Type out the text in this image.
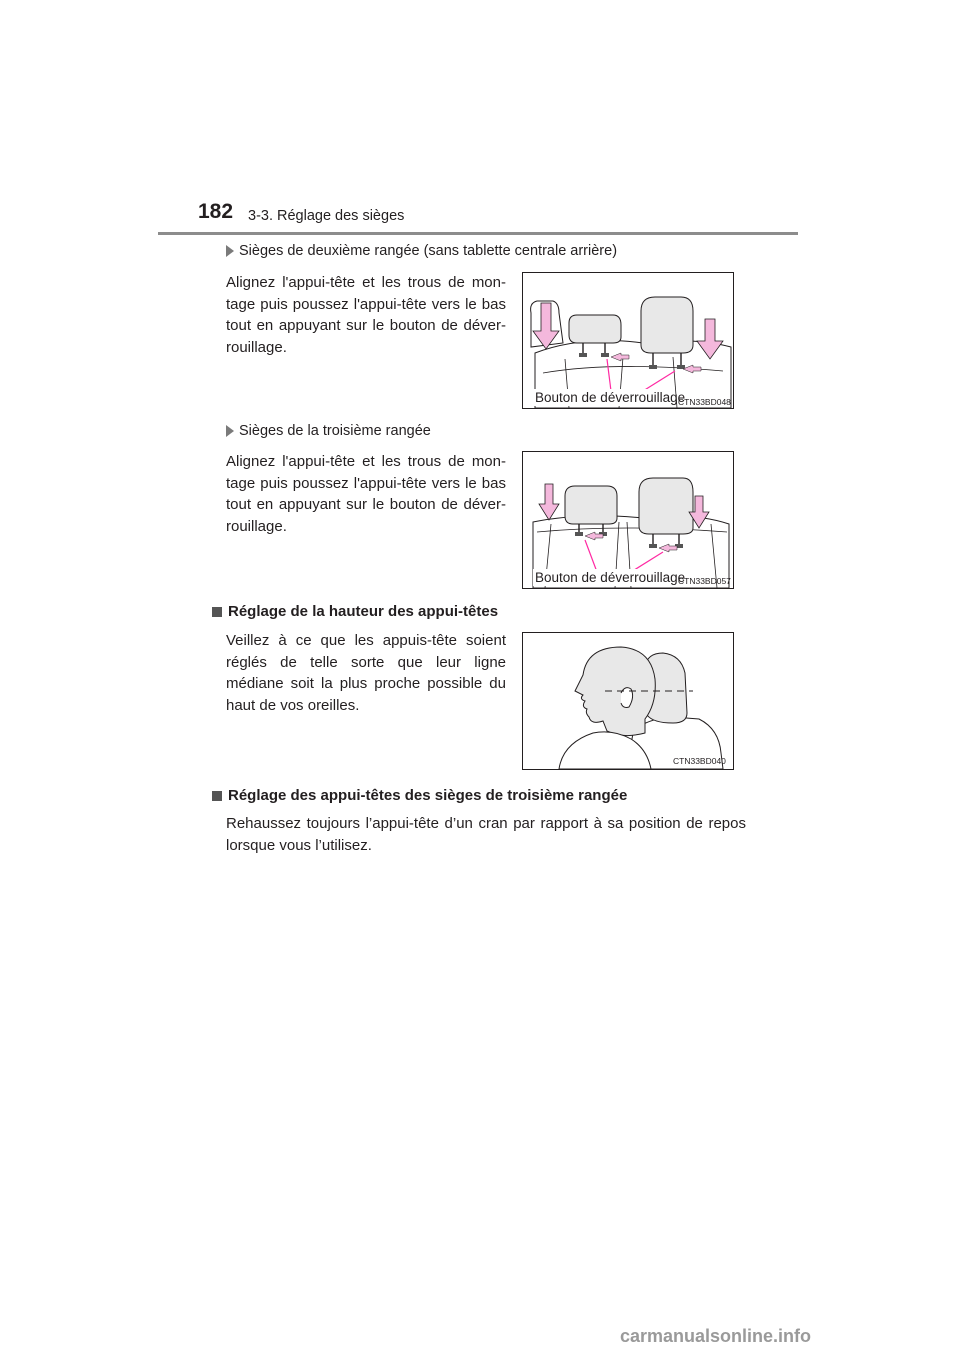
182 3-3. Réglage des sièges
Sièges de deuxième rangée (sans tablette centrale arrière)
Alignez l'appui-tête et les trous de mon-tage puis poussez l'appui-tête vers le bas tout en appuyant sur le bouton de déver-rouillage.
Bouton de déverrouillage
CTN33BD048
Sièges de la troisième rangée
Alignez l'appui-tête et les trous de mon-tage puis poussez l'appui-tête vers le bas tout en appuyant sur le bouton de déver-rouillage.
Bouton de déverrouillage
CTN33BD057
Réglage de la hauteur des appui-têtes
Veillez à ce que les appuis-tête soient réglés de telle sorte que leur ligne médiane soit la plus proche possible du haut de vos oreilles.
CTN33BD040
Réglage des appui-têtes des sièges de troisième rangée
Rehaussez toujours l’appui-tête d’un cran par rapport à sa position de repos lorsque vous l’utilisez.
carmanualsonline.info
